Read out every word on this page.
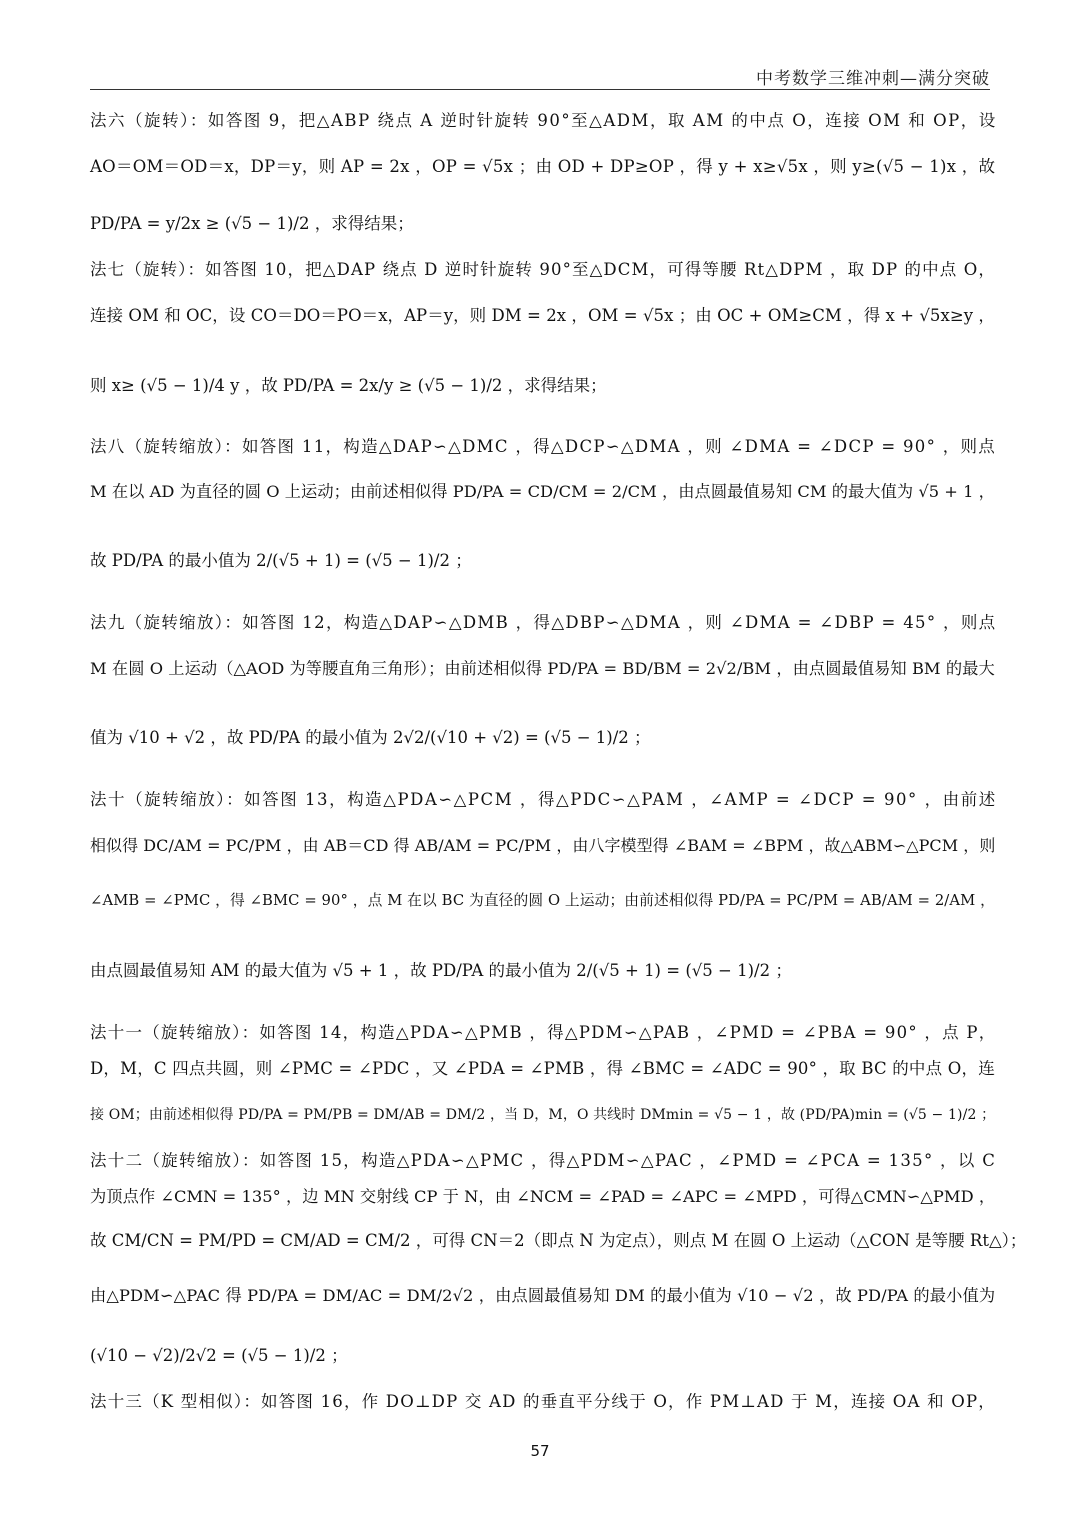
中考数学三维冲刺—满分突破
法六（旋转）：如答图 9，把△ABP 绕点 A 逆时针旋转 90°至△ADM，取 AM 的中点 O，连接 OM 和 OP，设
AO＝OM＝OD＝x，DP＝y，则 AP = 2x ，OP = √5x ；由 OD + DP≥OP ，得 y + x≥√5x ，则 y≥(√5 − 1)x ，故
PD/PA = y/2x ≥ (√5 − 1)/2 ，求得结果；
法七（旋转）：如答图 10，把△DAP 绕点 D 逆时针旋转 90°至△DCM，可得等腰 Rt△DPM ，取 DP 的中点 O，
连接 OM 和 OC，设 CO＝DO＝PO＝x，AP＝y，则 DM = 2x ，OM = √5x ；由 OC + OM≥CM ，得 x + √5x≥y ，
则 x≥ (√5 − 1)/4 y ，故 PD/PA = 2x/y ≥ (√5 − 1)/2 ，求得结果；
法八（旋转缩放）：如答图 11，构造△DAP∽△DMC ，得△DCP∽△DMA ，则 ∠DMA = ∠DCP = 90° ，则点
M 在以 AD 为直径的圆 O 上运动；由前述相似得 PD/PA = CD/CM = 2/CM ，由点圆最值易知 CM 的最大值为 √5 + 1 ，
故 PD/PA 的最小值为 2/(√5 + 1) = (√5 − 1)/2 ；
法九（旋转缩放）：如答图 12，构造△DAP∽△DMB ，得△DBP∽△DMA ，则 ∠DMA = ∠DBP = 45° ，则点
M 在圆 O 上运动（△AOD 为等腰直角三角形）；由前述相似得 PD/PA = BD/BM = 2√2/BM ，由点圆最值易知 BM 的最大
值为 √10 + √2 ，故 PD/PA 的最小值为 2√2/(√10 + √2) = (√5 − 1)/2 ；
法十（旋转缩放）：如答图 13，构造△PDA∽△PCM ，得△PDC∽△PAM ，∠AMP = ∠DCP = 90° ，由前述
相似得 DC/AM = PC/PM ，由 AB＝CD 得 AB/AM = PC/PM ，由八字模型得 ∠BAM = ∠BPM ，故△ABM∽△PCM ，则
∠AMB = ∠PMC ，得 ∠BMC = 90° ，点 M 在以 BC 为直径的圆 O 上运动；由前述相似得 PD/PA = PC/PM = AB/AM = 2/AM ，
由点圆最值易知 AM 的最大值为 √5 + 1 ，故 PD/PA 的最小值为 2/(√5 + 1) = (√5 − 1)/2 ；
法十一（旋转缩放）：如答图 14，构造△PDA∽△PMB ，得△PDM∽△PAB ，∠PMD = ∠PBA = 90° ，点 P，
D，M，C 四点共圆，则 ∠PMC = ∠PDC ，又 ∠PDA = ∠PMB ，得 ∠BMC = ∠ADC = 90° ，取 BC 的中点 O，连
接 OM；由前述相似得 PD/PA = PM/PB = DM/AB = DM/2 ，当 D，M，O 共线时 DMmin = √5 − 1 ，故 (PD/PA)min = (√5 − 1)/2 ；
法十二（旋转缩放）：如答图 15，构造△PDA∽△PMC ，得△PDM∽△PAC ，∠PMD = ∠PCA = 135° ，以 C
为顶点作 ∠CMN = 135° ，边 MN 交射线 CP 于 N，由 ∠NCM = ∠PAD = ∠APC = ∠MPD ，可得△CMN∽△PMD ，
故 CM/CN = PM/PD = CM/AD = CM/2 ，可得 CN＝2（即点 N 为定点），则点 M 在圆 O 上运动（△CON 是等腰 Rt△）；
由△PDM∽△PAC 得 PD/PA = DM/AC = DM/2√2 ，由点圆最值易知 DM 的最小值为 √10 − √2 ，故 PD/PA 的最小值为
(√10 − √2)/2√2 = (√5 − 1)/2 ；
法十三（K 型相似）：如答图 16，作 DO⊥DP 交 AD 的垂直平分线于 O，作 PM⊥AD 于 M，连接 OA 和 OP，
57
